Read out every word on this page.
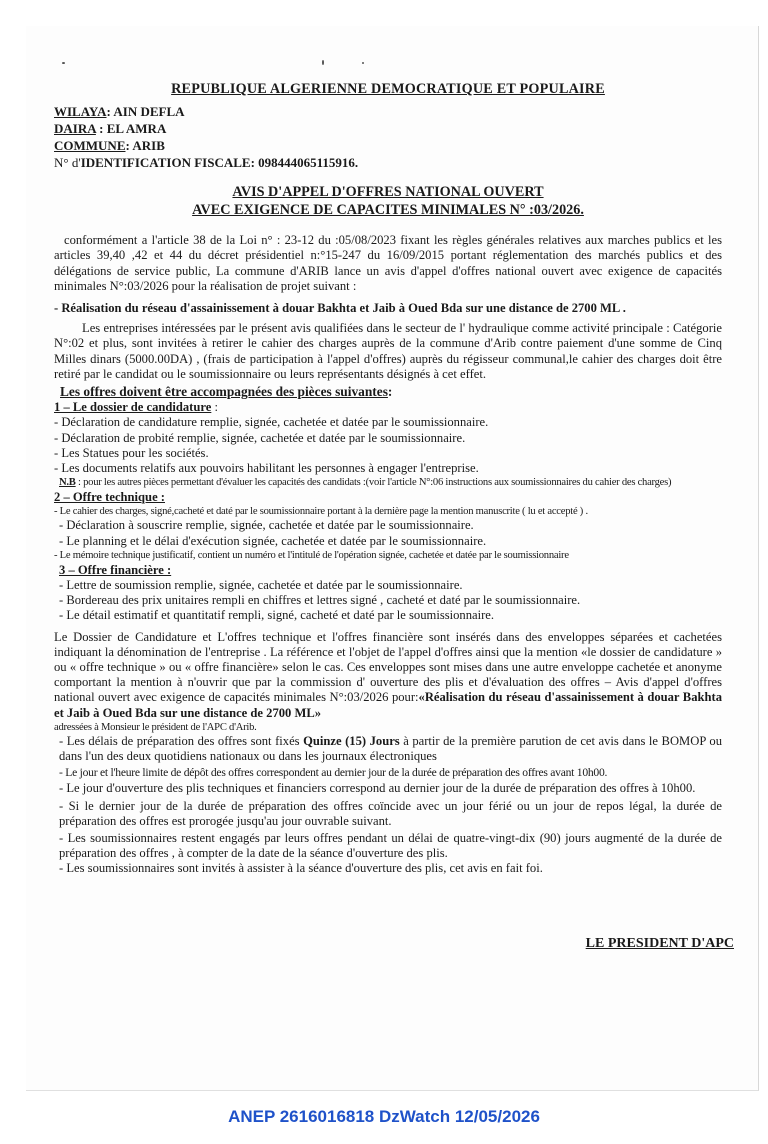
REPUBLIQUE ALGERIENNE DEMOCRATIQUE ET POPULAIRE
WILAYA: AIN DEFLA
DAIRA : EL AMRA
COMMUNE: ARIB
N° d'IDENTIFICATION FISCALE: 098444065115916.
AVIS D'APPEL D'OFFRES NATIONAL OUVERT
AVEC EXIGENCE DE CAPACITES MINIMALES N° :03/2026.

conformément a l'article 38 de la Loi n° : 23-12 du :05/08/2023 fixant les règles générales relatives aux marches publics et les articles 39,40 ,42 et 44 du décret présidentiel n:°15-247 du 16/09/2015 portant réglementation des marchés publics et des délégations de service public, La commune d'ARIB lance un avis d'appel d'offres national ouvert avec exigence de capacités minimales N°:03/2026 pour la réalisation de projet suivant :

- Réalisation du réseau d'assainissement à douar Bakhta et Jaib à Oued Bda sur une distance de 2700 ML .

Les entreprises intéressées par le présent avis qualifiées dans le secteur de l' hydraulique comme activité principale : Catégorie N°:02 et plus, sont invitées à retirer le cahier des charges auprès de la commune d'Arib contre paiement d'une somme de Cinq Milles dinars (5000.00DA) , (frais de participation à l'appel d'offres) auprès du régisseur communal,le cahier des charges doit être retiré par le candidat ou le soumissionnaire ou leurs représentants désignés à cet effet.

Les offres doivent être accompagnées des pièces suivantes:
1 – Le dossier de candidature :
- Déclaration de candidature remplie, signée, cachetée et datée par le soumissionnaire.
- Déclaration de probité remplie, signée, cachetée et datée par le soumissionnaire.
- Les Statues pour les sociétés.
- Les documents relatifs aux pouvoirs habilitant les personnes à engager l'entreprise.
N.B : pour les autres pièces permettant d'évaluer les capacités des candidats :(voir l'article N°:06 instructions aux soumissionnaires du cahier des charges)
2 – Offre technique :
- Le cahier des charges, signé,cacheté et daté par le soumissionnaire portant à la dernière page la mention manuscrite ( lu et accepté ) .
- Déclaration à souscrire remplie, signée, cachetée et datée par le soumissionnaire.
- Le planning et le délai d'exécution signée, cachetée et datée par le soumissionnaire.
- Le mémoire technique justificatif, contient un numéro et l'intitulé de l'opération signée, cachetée et datée par le soumissionnaire
3 – Offre financière :
- Lettre de soumission remplie, signée, cachetée et datée par le soumissionnaire.
- Bordereau des prix unitaires rempli en chiffres et lettres signé , cacheté et daté par le soumissionnaire.
- Le détail estimatif et quantitatif rempli, signé, cacheté et daté par le soumissionnaire.

Le Dossier de Candidature et L'offres technique et l'offres financière sont insérés dans des enveloppes séparées et cachetées indiquant la dénomination de l'entreprise . La référence et l'objet de l'appel d'offres ainsi que la mention «le dossier de candidature » ou « offre technique » ou « offre financière» selon le cas. Ces enveloppes sont mises dans une autre enveloppe cachetée et anonyme comportant la mention à n'ouvrir que par la commission d' ouverture des plis et d'évaluation des offres – Avis d'appel d'offres national ouvert avec exigence de capacités minimales N°:03/2026 pour:«Réalisation du réseau d'assainissement à douar Bakhta et Jaib à Oued Bda sur une distance de 2700 ML»

adressées à Monsieur le président de l'APC d'Arib.

- Les délais de préparation des offres sont fixés Quinze (15) Jours à partir de la première parution de cet avis dans le BOMOP ou dans l'un des deux quotidiens nationaux ou dans les journaux électroniques

- Le jour et l'heure limite de dépôt des offres correspondent au dernier jour de la durée de préparation des offres avant 10h00.

- Le jour d'ouverture des plis techniques et financiers correspond au dernier jour de la durée de préparation des offres à 10h00.

- Si le dernier jour de la durée de préparation des offres coïncide avec un jour férié ou un jour de repos légal, la durée de préparation des offres est prorogée jusqu'au jour ouvrable suivant.

- Les soumissionnaires restent engagés par leurs offres pendant un délai de quatre-vingt-dix (90) jours augmenté de la durée de préparation des offres , à compter de la date de la séance d'ouverture des plis.

- Les soumissionnaires sont invités à assister à la séance d'ouverture des plis, cet avis en fait foi.

LE PRESIDENT D'APC
ANEP 2616016818 DzWatch 12/05/2026
